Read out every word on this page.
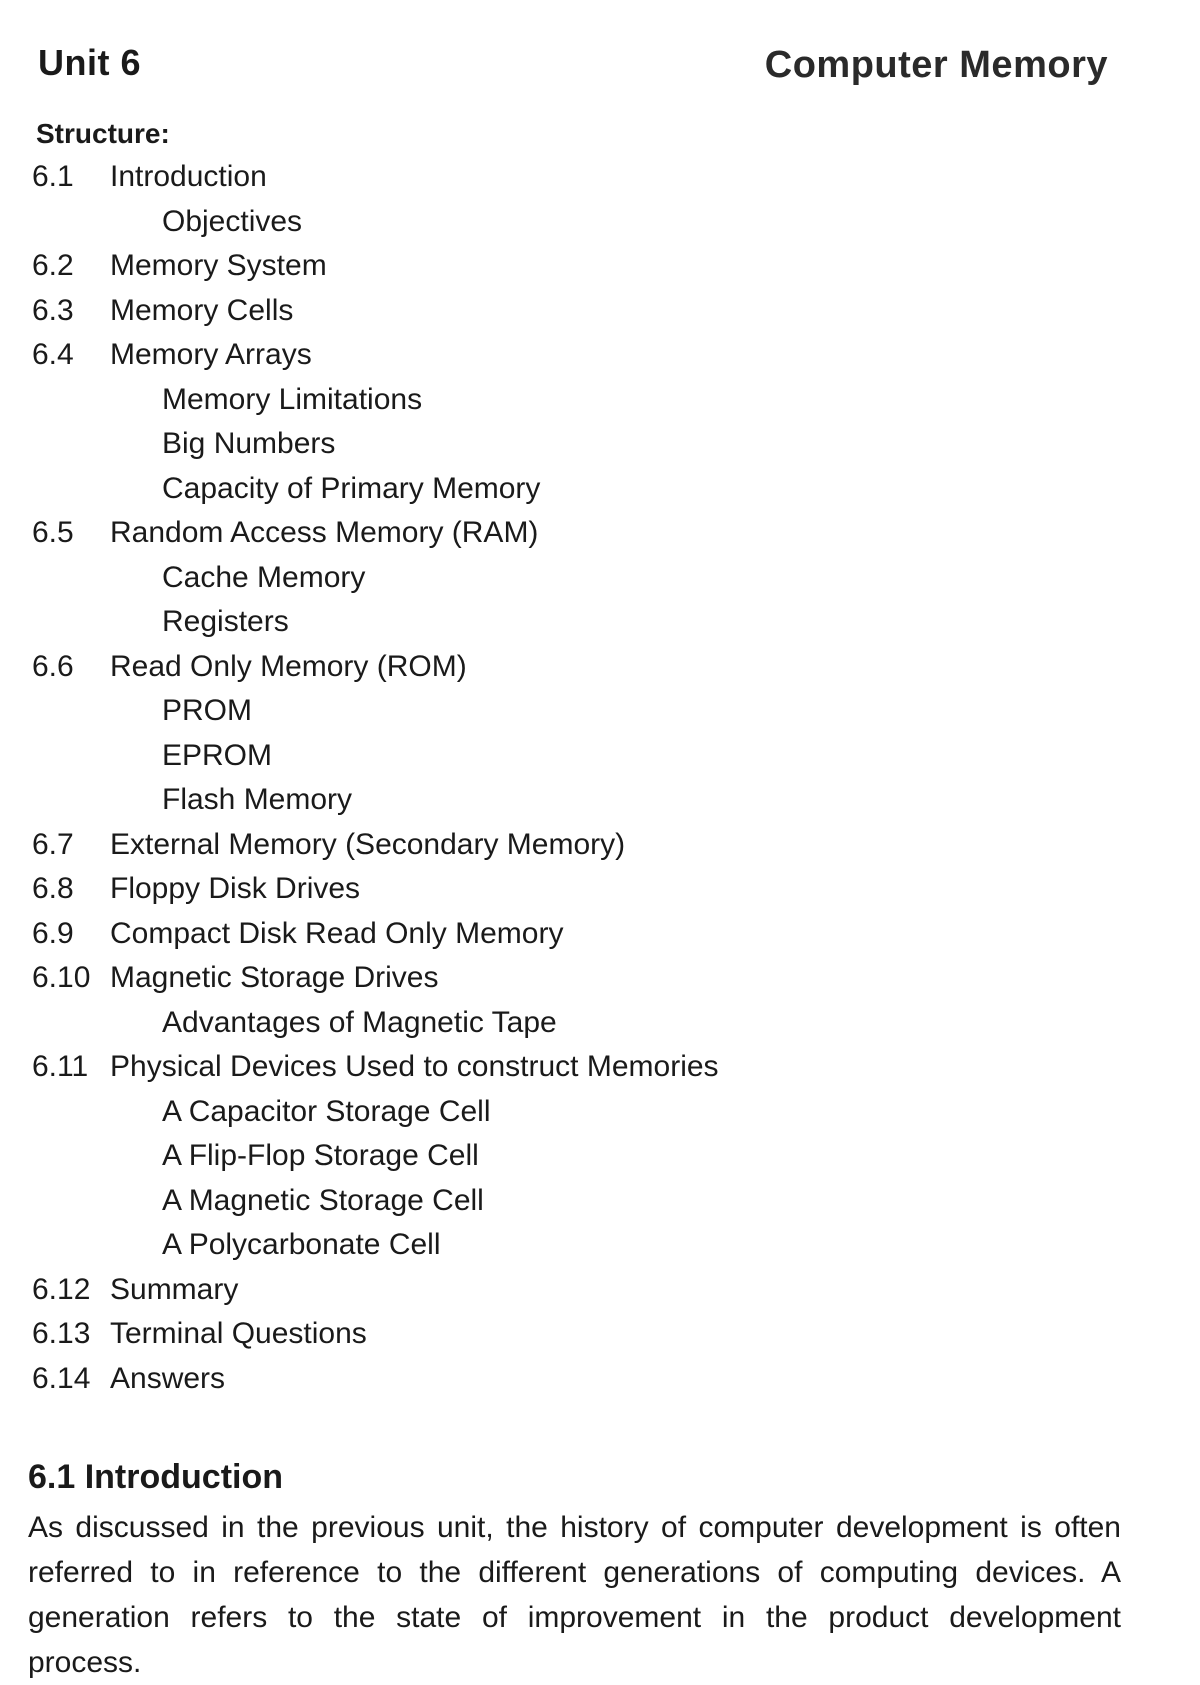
Unit 6	Computer Memory
Structure:
6.1 Introduction
Objectives
6.2 Memory System
6.3 Memory Cells
6.4 Memory Arrays
Memory Limitations
Big Numbers
Capacity of Primary Memory
6.5 Random Access Memory (RAM)
Cache Memory
Registers
6.6 Read Only Memory (ROM)
PROM
EPROM
Flash Memory
6.7 External Memory (Secondary Memory)
6.8 Floppy Disk Drives
6.9 Compact Disk Read Only Memory
6.10 Magnetic Storage Drives
Advantages of Magnetic Tape
6.11 Physical Devices Used to construct Memories
A Capacitor Storage Cell
A Flip-Flop Storage Cell
A Magnetic Storage Cell
A Polycarbonate Cell
6.12 Summary
6.13 Terminal Questions
6.14 Answers
6.1 Introduction
As discussed in the previous unit, the history of computer development is often referred to in reference to the different generations of computing devices. A generation refers to the state of improvement in the product development process.
